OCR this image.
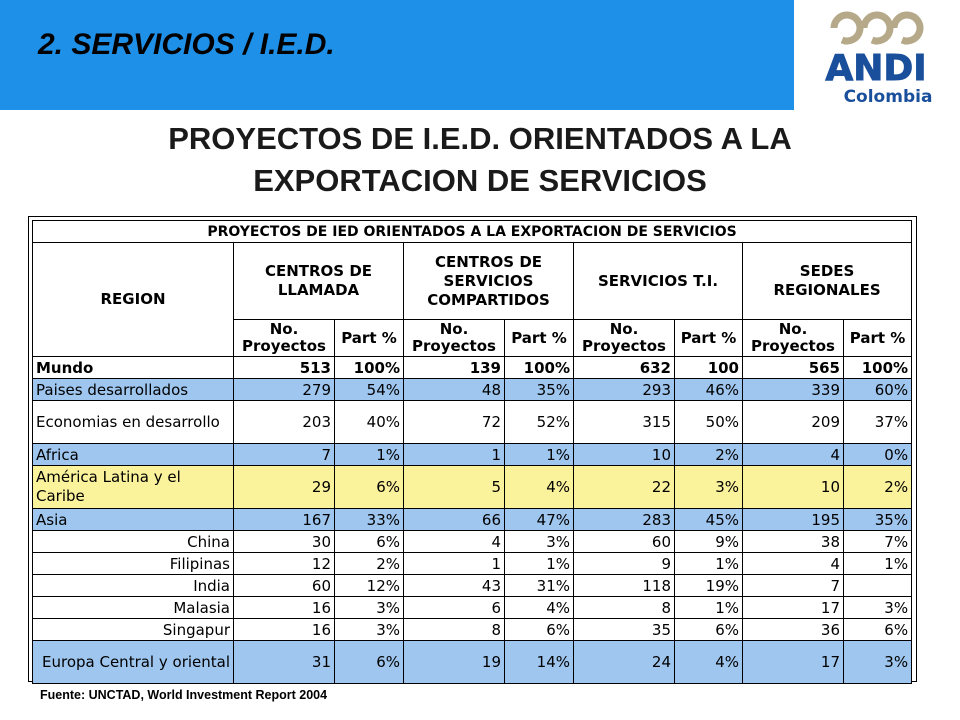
2. SERVICIOS / I.E.D.
ANDI
Colombia
PROYECTOS DE I.E.D. ORIENTADOS A LA
EXPORTACION DE SERVICIOS
PROYECTOS DE IED ORIENTADOS A LA EXPORTACION DE SERVICIOS								
REGION	CENTROS DE LLAMADA		CENTROS DE SERVICIOS COMPARTIDOS		SERVICIOS T.I.		SEDES REGIONALES	
	No. Proyectos	Part %	No. Proyectos	Part %	No. Proyectos	Part %	No. Proyectos	Part %
Mundo	513	100%	139	100%	632	100	565	100%
Paises desarrollados	279	54%	48	35%	293	46%	339	60%
Economias en desarrollo	203	40%	72	52%	315	50%	209	37%
Africa	7	1%	1	1%	10	2%	4	0%
América Latina y el Caribe	29	6%	5	4%	22	3%	10	2%
Asia	167	33%	66	47%	283	45%	195	35%
China	30	6%	4	3%	60	9%	38	7%
Filipinas	12	2%	1	1%	9	1%	4	1%
India	60	12%	43	31%	118	19%	7	
Malasia	16	3%	6	4%	8	1%	17	3%
Singapur	16	3%	8	6%	35	6%	36	6%
Europa Central y oriental	31	6%	19	14%	24	4%	17	3%

Fuente: UNCTAD, World Investment Report 2004
